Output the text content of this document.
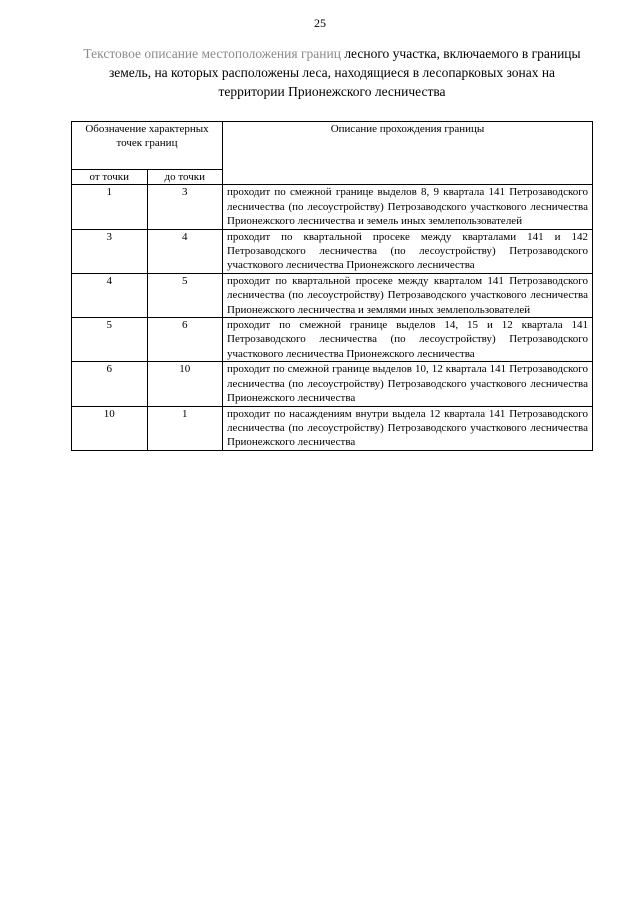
25
Текстовое описание местоположения границ лесного участка, включаемого в границы земель, на которых расположены леса, находящиеся в лесопарковых зонах на территории Прионежского лесничества
Обозначение характерных точек границ		Описание прохождения границы
от точки	до точки	
1	3	проходит по смежной границе выделов 8, 9 квартала 141 Петрозаводского лесничества (по лесоустройству) Петрозаводского участкового лесничества Прионежского лесничества и земель иных землепользователей
3	4	проходит по квартальной просеке между кварталами 141 и 142 Петрозаводского лесничества (по лесоустройству) Петрозаводского участкового лесничества Прионежского лесничества
4	5	проходит по квартальной просеке между кварталом 141 Петрозаводского лесничества (по лесоустройству) Петрозаводского участкового лесничества Прионежского лесничества и землями иных землепользователей
5	6	проходит по смежной границе выделов 14, 15 и 12 квартала 141 Петрозаводского лесничества (по лесоустройству) Петрозаводского участкового лесничества Прионежского лесничества
6	10	проходит по смежной границе выделов 10, 12 квартала 141 Петрозаводского лесничества (по лесоустройству) Петрозаводского участкового лесничества Прионежского лесничества
10	1	проходит по насаждениям внутри выдела 12 квартала 141 Петрозаводского лесничества (по лесоустройству) Петрозаводского участкового лесничества Прионежского лесничества
